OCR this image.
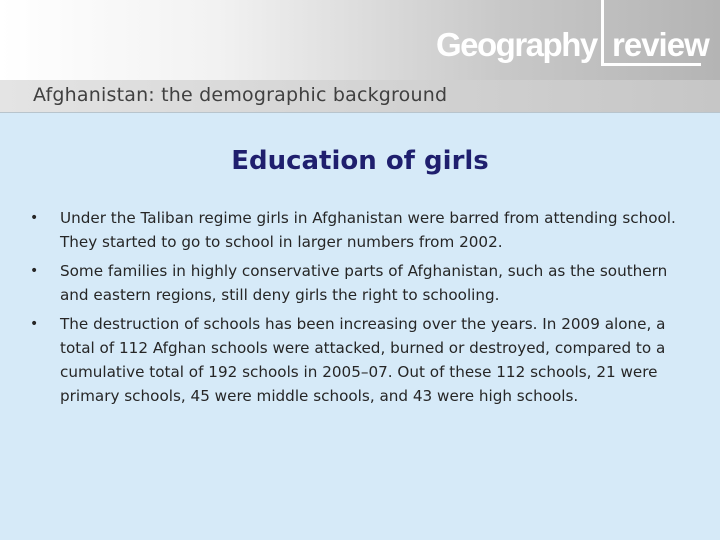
Geography review
Afghanistan: the demographic background
Education of girls
• Under the Taliban regime girls in Afghanistan were barred from attending school. They started to go to school in larger numbers from 2002.
• Some families in highly conservative parts of Afghanistan, such as the southern and eastern regions, still deny girls the right to schooling.
• The destruction of schools has been increasing over the years. In 2009 alone, a total of 112 Afghan schools were attacked, burned or destroyed, compared to a cumulative total of 192 schools in 2005–07. Out of these 112 schools, 21 were primary schools, 45 were middle schools, and 43 were high schools.
